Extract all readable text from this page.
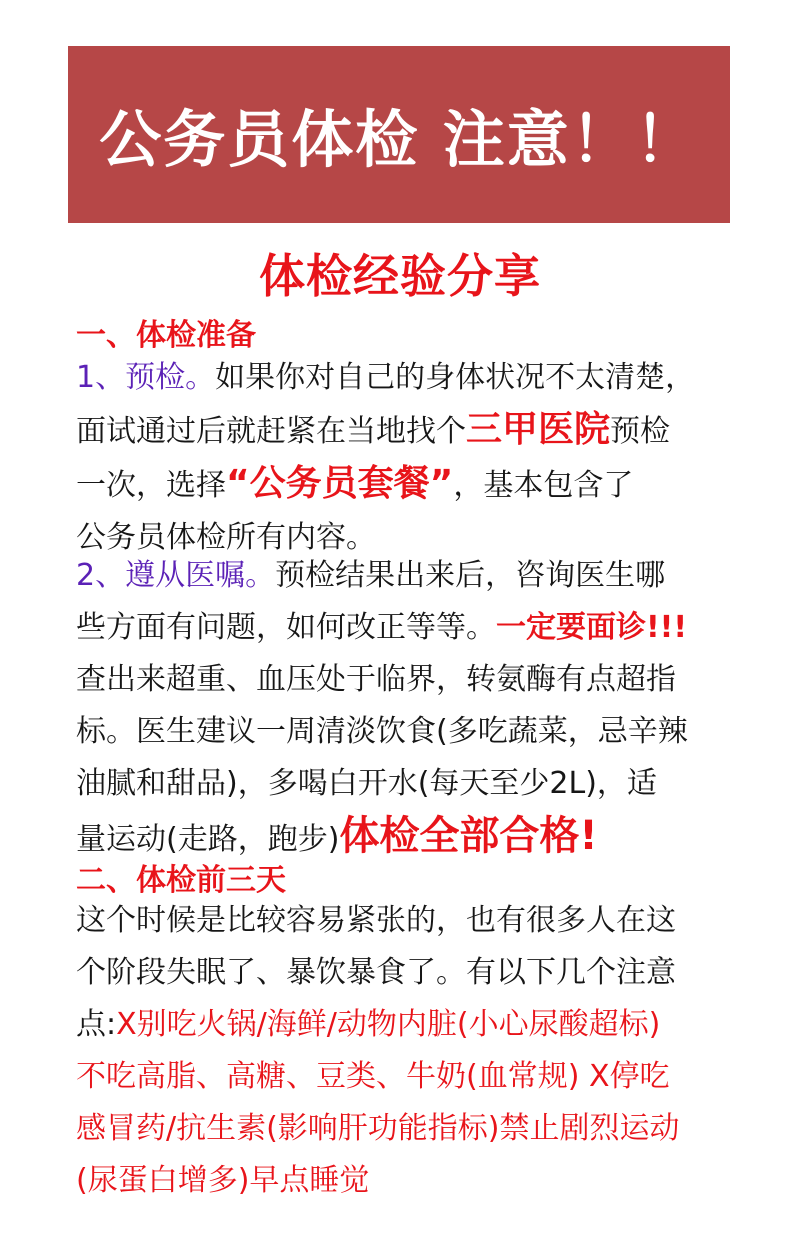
公务员体检 注意！！
体检经验分享
一、体检准备
1、预检。如果你对自己的身体状况不太清楚，
面试通过后就赶紧在当地找个三甲医院预检
一次，选择“公务员套餐”，基本包含了
公务员体检所有内容。
2、遵从医嘱。预检结果出来后，咨询医生哪
些方面有问题，如何改正等等。一定要面诊!!!
查出来超重、血压处于临界，转氨酶有点超指
标。医生建议一周清淡饮食(多吃蔬菜，忌辛辣
油腻和甜品)，多喝白开水(每天至少2L)，适
量运动(走路，跑步)体检全部合格!
二、体检前三天
这个时候是比较容易紧张的，也有很多人在这
个阶段失眠了、暴饮暴食了。有以下几个注意
点:X别吃火锅/海鲜/动物内脏(小心尿酸超标)
不吃高脂、高糖、豆类、牛奶(血常规) X停吃
感冒药/抗生素(影响肝功能指标)禁止剧烈运动
(尿蛋白增多)早点睡觉
